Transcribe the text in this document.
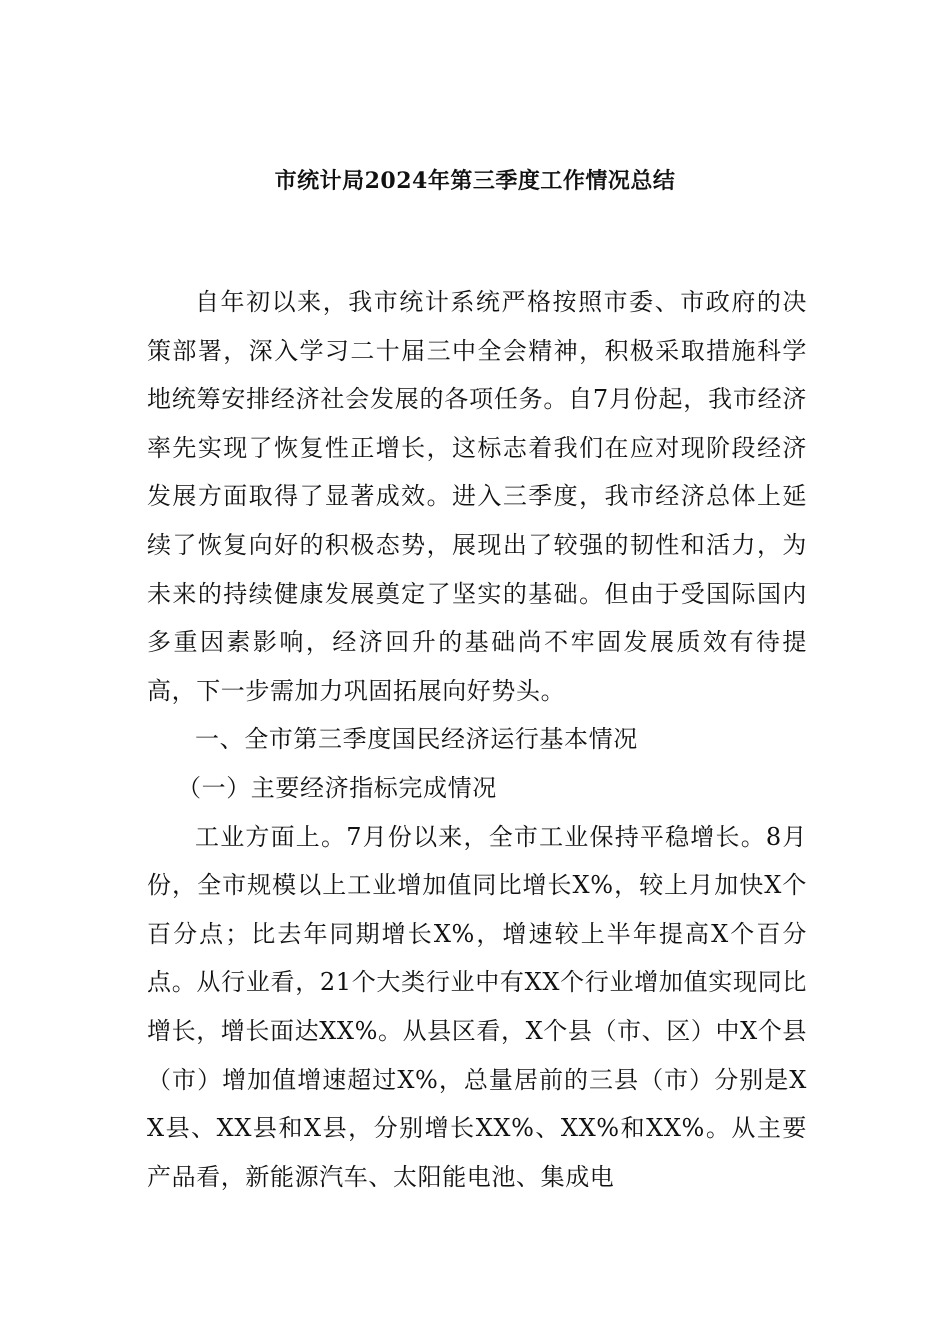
市统计局2024年第三季度工作情况总结

自年初以来，我市统计系统严格按照市委、市政府的决策部署，深入学习二十届三中全会精神，积极采取措施科学地统筹安排经济社会发展的各项任务。自7月份起，我市经济率先实现了恢复性正增长，这标志着我们在应对现阶段经济发展方面取得了显著成效。进入三季度，我市经济总体上延续了恢复向好的积极态势，展现出了较强的韧性和活力，为未来的持续健康发展奠定了坚实的基础。但由于受国际国内多重因素影响，经济回升的基础尚不牢固发展质效有待提高，下一步需加力巩固拓展向好势头。

一、全市第三季度国民经济运行基本情况

（一）主要经济指标完成情况

工业方面上。7月份以来，全市工业保持平稳增长。8月份，全市规模以上工业增加值同比增长X%，较上月加快X个百分点；比去年同期增长X%，增速较上半年提高X个百分点。从行业看，21个大类行业中有XX个行业增加值实现同比增长，增长面达XX%。从县区看，X个县（市、区）中X个县（市）增加值增速超过X%，总量居前的三县（市）分别是XX县、XX县和X县，分别增长XX%、XX%和XX%。从主要产品看，新能源汽车、太阳能电池、集成电
